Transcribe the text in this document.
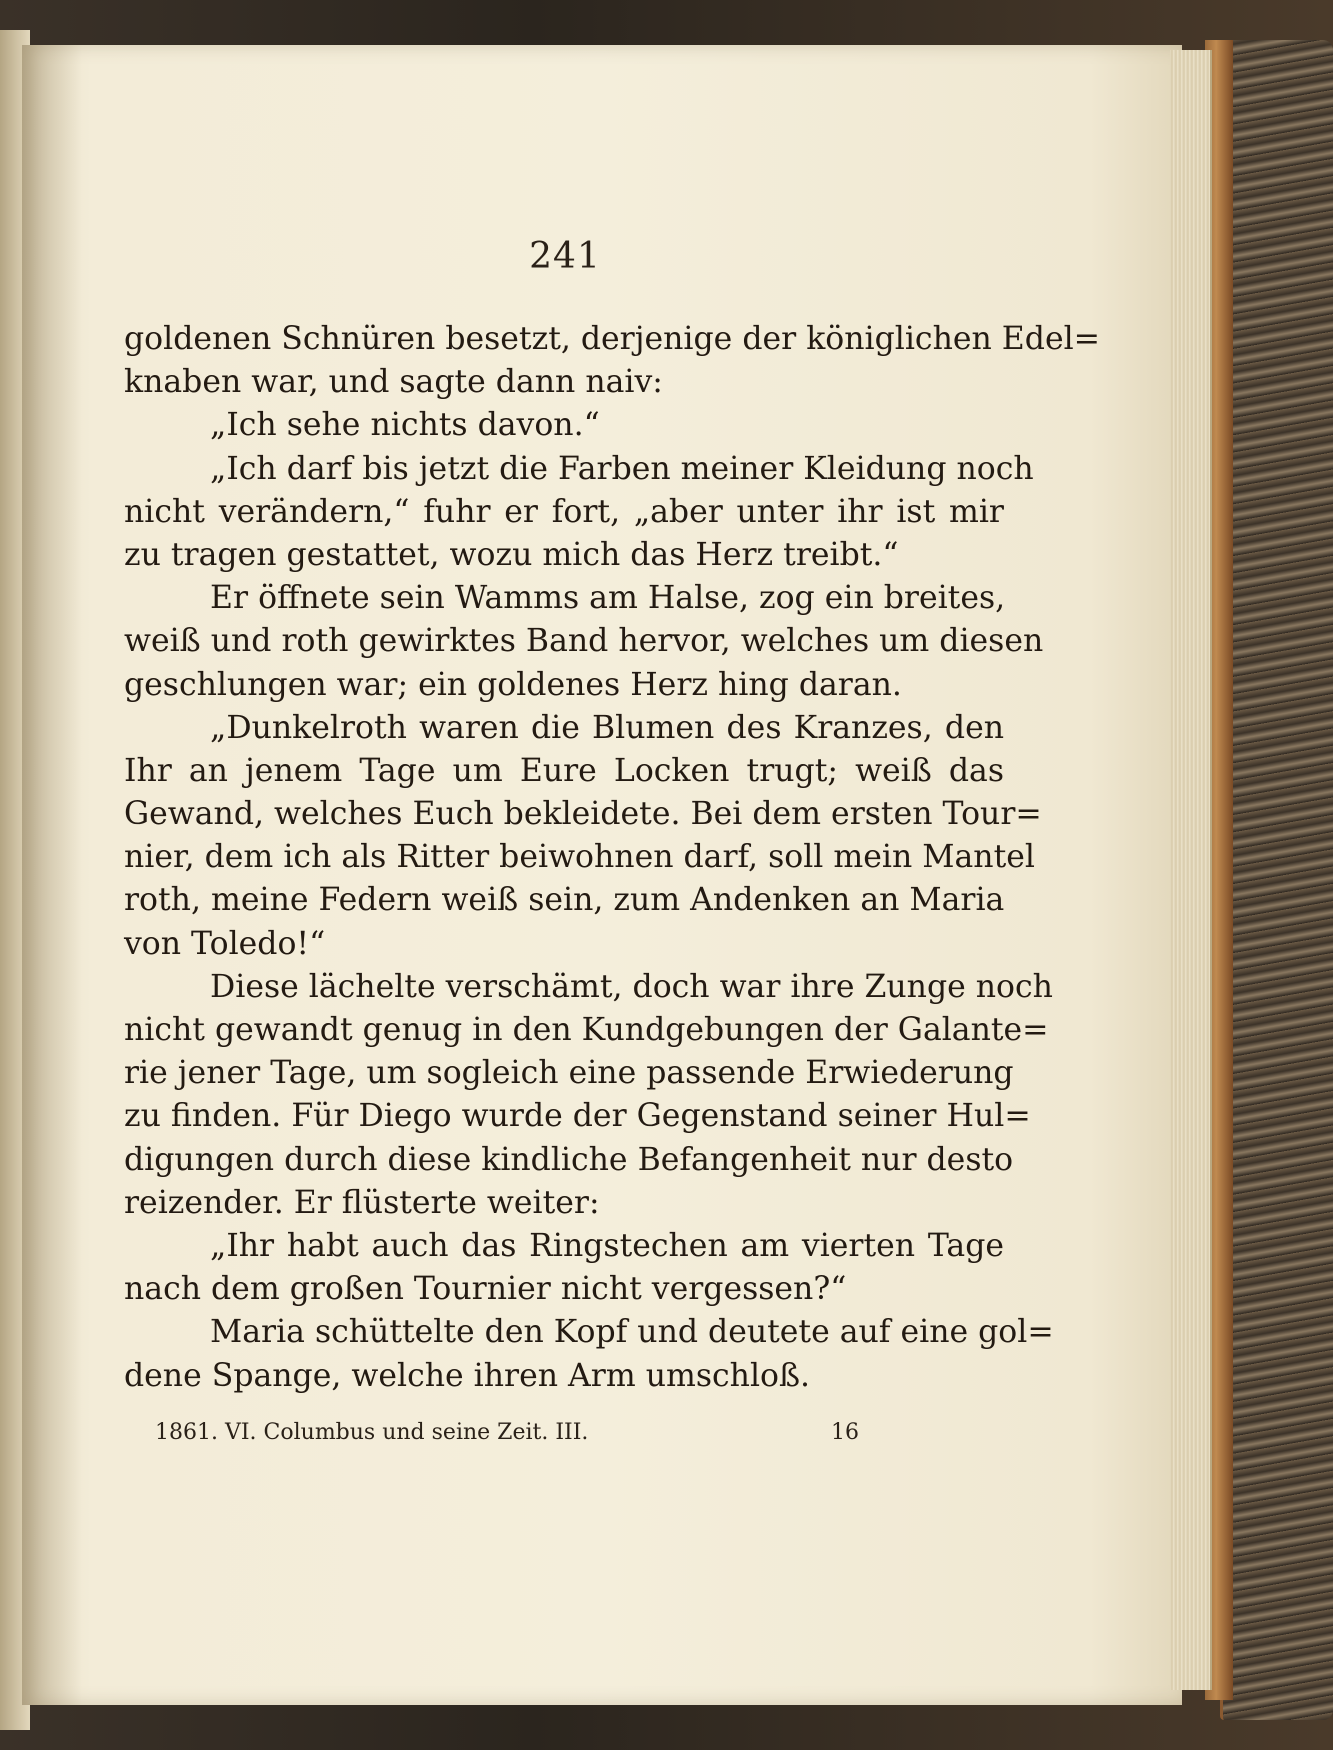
241
goldenen Schnüren besetzt, derjenige der königlichen Edel=
knaben war, und sagte dann naiv:
„Ich sehe nichts davon.“
„Ich darf bis jetzt die Farben meiner Kleidung noch
nicht verändern,“ fuhr er fort, „aber unter ihr ist mir
zu tragen gestattet, wozu mich das Herz treibt.“
Er öffnete sein Wamms am Halse, zog ein breites,
weiß und roth gewirktes Band hervor, welches um diesen
geschlungen war; ein goldenes Herz hing daran.
„Dunkelroth waren die Blumen des Kranzes, den
Ihr an jenem Tage um Eure Locken trugt; weiß das
Gewand, welches Euch bekleidete. Bei dem ersten Tour=
nier, dem ich als Ritter beiwohnen darf, soll mein Mantel
roth, meine Federn weiß sein, zum Andenken an Maria
von Toledo!“
Diese lächelte verschämt, doch war ihre Zunge noch
nicht gewandt genug in den Kundgebungen der Galante=
rie jener Tage, um sogleich eine passende Erwiederung
zu finden. Für Diego wurde der Gegenstand seiner Hul=
digungen durch diese kindliche Befangenheit nur desto
reizender. Er flüsterte weiter:
„Ihr habt auch das Ringstechen am vierten Tage
nach dem großen Tournier nicht vergessen?“
Maria schüttelte den Kopf und deutete auf eine gol=
dene Spange, welche ihren Arm umschloß.
1861. VI. Columbus und seine Zeit. III.	16
